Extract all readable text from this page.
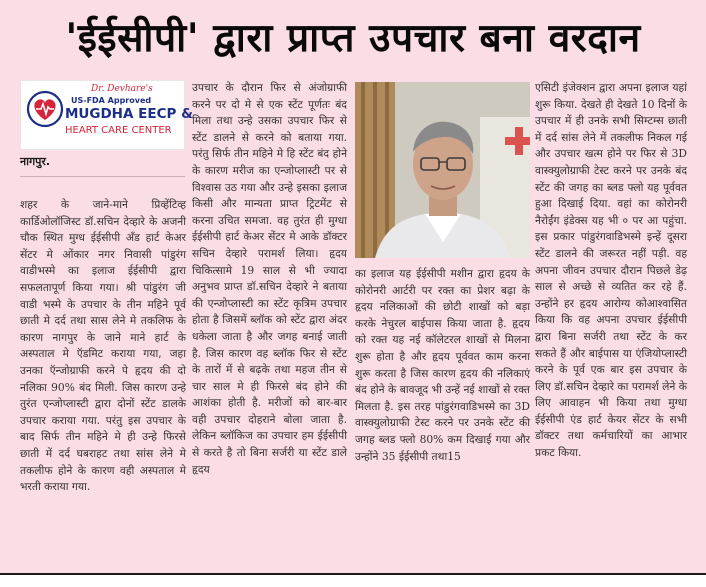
'ईईसीपी' द्वारा प्राप्त उपचार बना वरदान
Dr. Devhare's
US-FDA Approved
MUGDHA EECP &
HEART CARE CENTER
नागपुर.

शहर के जाने-माने प्रिव्हेंटिव्ह कार्डिओलॉजिस्ट डॉ.सचिन देव्हारे के अजनी चौक स्थित मुग्ध ईईसीपी अँड हार्ट केअर सेंटर मे ओंकार नगर निवासी पांडुरंग वाडीभस्मे का इलाज ईईसीपी द्वारा सफलतापूर्ण किया गया। श्री पांडुरंग जी वाडी भस्मे के उपचार के तीन महिने पूर्व छाती मे दर्द तथा सास लेने मे तकलिफ के कारण नागपुर के जाने माने हार्ट के अस्पताल मे ऍडमिट कराया गया, जहा उनका ऍन्जोग्राफी करने पे हृदय की दो नलिका 90% बंद मिली. जिस कारण उन्हे तुरंत एन्जोप्लास्टी द्वारा दोनों स्टेंट डालके उपचार कराया गया. परंतु इस उपचार के बाद सिर्फ तीन महिने मे ही उन्हे फिरसे छाती में दर्द घबराहट तथा सांस लेने मे तकलीफ होने के कारण वही अस्पताल मे भरती कराया गया.

उपचार के दौरान फिर से अंजोग्राफी करने पर दो मे से एक स्टेंट पूर्णतः बंद मिला तथा उन्हे उसका उपचार फिर से स्टेंट डालने से करने को बताया गया. परंतु सिर्फ तीन महिने मे हि स्टेंट बंद होने के कारण मरीज का एन्जोप्लास्टी पर से विश्वास उठ गया और उन्हे इसका इलाज किसी और मान्यता प्राप्त ट्रिटमेंट से करना उचित समजा. वह तुरंत ही मुग्धा ईईसीपी हार्ट केअर सेंटर मे आके डॉक्टर सचिन देव्हारे परामर्श लिया। हृदय चिकित्सामे 19 साल से भी ज्यादा अनुभव प्राप्त डॉ.सचिन देव्हारे ने बताया की एन्जोप्लास्टी का स्टेंट कृत्रिम उपचार होता है जिसमें ब्लॉक को स्टेंट द्वारा अंदर धकेला जाता है और जगह बनाई जाती है. जिस कारण वह ब्लॉक फिर से स्टेंट के तारों में से बढ़के तथा महज तीन से चार साल मे ही फिरसे बंद होने की आशंका होती है. मरीजों को बार-बार वही उपचार दोहराने बोला जाता है. लेकिन ब्लॉकिज का उपचार हम ईईसीपी से करते है तो बिना सर्जरी या स्टेंट डाले हृदय

का इलाज यह ईईसीपी मशीन द्वारा हृदय के कोरोनरी आर्टरी पर रक्त का प्रेशर बढ़ा के हृदय नलिकाओं की छोटी शाखों को बड़ा करके नेचुरल बाईपास किया जाता है. हृदय को रक्त यह नई कॉलेटरल शाखों से मिलना शुरू होता है और हृदय पूर्ववत काम करना शुरू करता है जिस कारण हृदय की नलिकाएं बंद होने के बावजूद भी उन्हें नई शाखों से रक्त मिलता है. इस तरह पांडुरंगवाडिभस्मे का 3D वास्क्युलोग्राफी टेस्ट करने पर उनके स्टेंट की जगह ब्लड फ्लो 80% कम दिखाई गया और उन्होंने 35 ईईसीपी तथा15

एसिटी इंजेक्शन द्वारा अपना इलाज यहां शुरू किया. देखते ही देखते 10 दिनों के उपचार में ही उनके सभी सिम्टम्स छाती में दर्द सांस लेने में तकलीफ निकल गई और उपचार खत्म होने पर फिर से 3D वास्क्युलोग्राफी टेस्ट करने पर उनके बंद स्टेंट की जगह का ब्लड फ्लो यह पूर्ववत हुआ दिखाई दिया. वहां का कोरोनरी नैरोईंग इंडेक्स यह भी ० पर आ पहुंचा. इस प्रकार पांडुरंगवाडिभस्मे इन्हें दूसरा स्टेंट डालने की जरूरत नहीं पड़ी. वह अपना जीवन उपचार दौरान पिछले डेढ़ साल से अच्छे से व्यतित कर रहे हैं. उन्होंने हर हृदय आरोग्य कोआश्वासित किया कि वह अपना उपचार ईईसीपी द्वारा बिना सर्जरी तथा स्टेंट के कर सकते हैं और बाईपास या एंजियोप्लास्टी करने के पूर्व एक बार इस उपचार के लिए डॉ.सचिन देव्हारे का परामर्श लेने के लिए आवाहन भी किया तथा मुग्धा ईईसीपी एंड हार्ट केयर सेंटर के सभी डॉक्टर तथा कर्मचारियों का आभार प्रकट किया.
